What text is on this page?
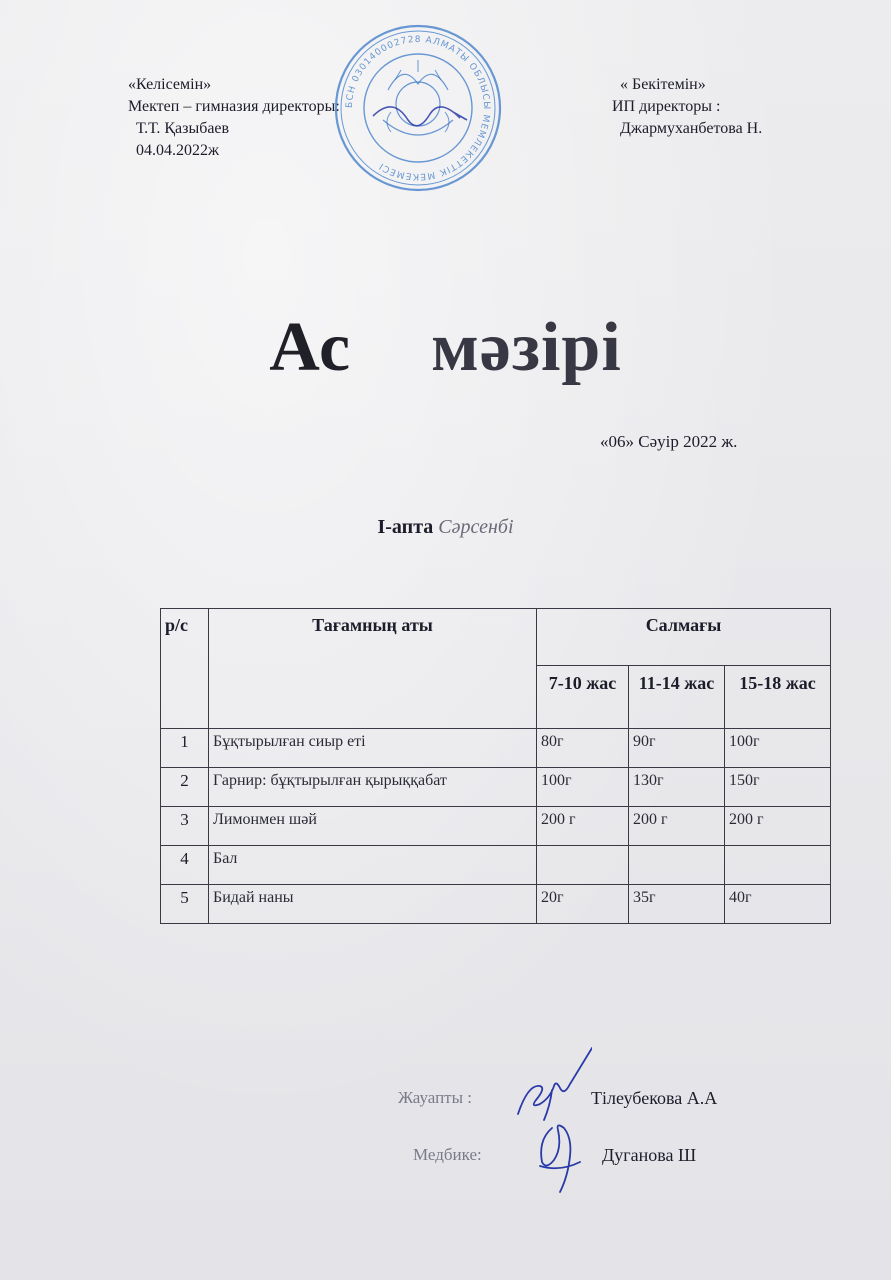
«Келісемін»
Мектеп – гимназия директоры:
Т.Т. Қазыбаев
04.04.2022ж
« Бекітемін»
ИП директоры :
Джармуханбетова Н.
БСН 030140002728 АЛМАТЫ ОБЛЫСЫ МЕМЛЕКЕТТІК МЕКЕМЕСІ
Ас мәзірі
«06» Сәуір 2022 ж.
І-апта Сәрсенбі
р/с	Тағамның аты	Салмағы		
		7-10 жас	11-14 жас	15-18 жас
1	Бұқтырылған сиыр еті	80г	90г	100г
2	Гарнир: бұқтырылған қырыққабат	100г	130г	150г
3	Лимонмен шәй	200 г	200 г	200 г
4	Бал			
5	Бидай наны	20г	35г	40г
Жауапты :	Тілеубекова А.А
Медбике:	Дуганова Ш
